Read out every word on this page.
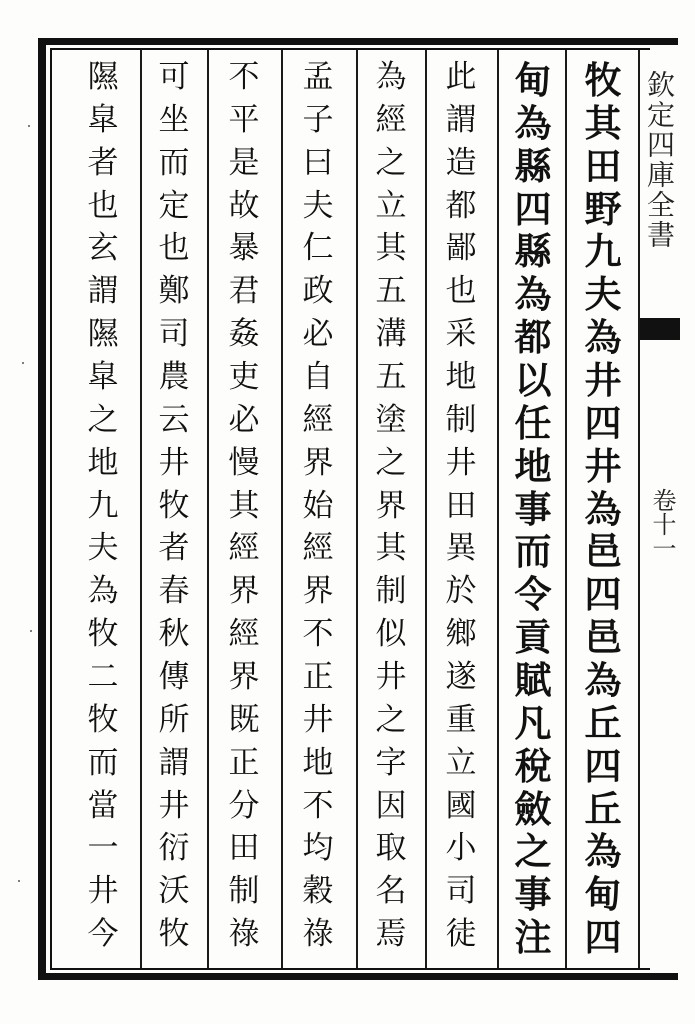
牧
其
田
野
九
夫
為
井
四
井
為
邑
四
邑
為
丘
四
丘
為
甸
四
甸
為
縣
四
縣
為
都
以
任
地
事
而
令
貢
賦
凡
稅
斂
之
事
注
此
謂
造
都
鄙
也
采
地
制
井
田
異
於
鄉
遂
重
立
國
小
司
徒
為
經
之
立
其
五
溝
五
塗
之
界
其
制
似
井
之
字
因
取
名
焉
孟
子
曰
夫
仁
政
必
自
經
界
始
經
界
不
正
井
地
不
均
穀
祿
不
平
是
故
暴
君
姦
吏
必
慢
其
經
界
經
界
既
正
分
田
制
祿
可
坐
而
定
也
鄭
司
農
云
井
牧
者
春
秋
傳
所
謂
井
衍
沃
牧
隰
皐
者
也
玄
謂
隰
皐
之
地
九
夫
為
牧
二
牧
而
當
一
井
今
欽定四庫全書
卷十一
